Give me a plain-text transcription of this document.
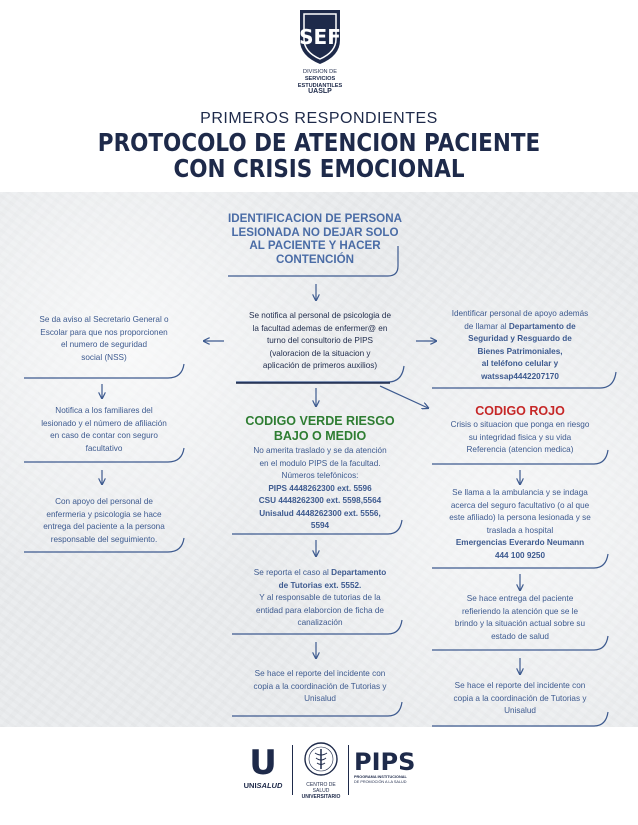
SEF
DIVISION DE
SERVICIOS
ESTUDIANTILES
UASLP
PRIMEROS RESPONDIENTES
PROTOCOLO DE ATENCION PACIENTE
CON CRISIS EMOCIONAL
IDENTIFICACION DE PERSONA
LESIONADA NO DEJAR SOLO
AL PACIENTE Y HACER
CONTENCIÓN
Se notifica al personal de psicologia de
la facultad ademas de enfermer@ en
turno del consultorio de PIPS
(valoracion de la situacion y
aplicación de primeros auxilios)
Se da aviso al Secretario General o
Escolar para que nos proporcionen
el numero de seguridad
social (NSS)
Notifica a los familiares del
lesionado y el número de afiliación
en caso de contar con seguro
facultativo
Con apoyo del personal de
enfermeria y psicologia se hace
entrega del paciente a la persona
responsable del seguimiento.
Identificar personal de apoyo además
de llamar al Departamento de
Seguridad y Resguardo de
Bienes Patrimoniales,
al teléfono celular y
watssap4442207170
CODIGO VERDE RIESGO
BAJO O MEDIO
No amerita traslado y se da atención
en el modulo PIPS de la facultad.
Números telefónicos:
PIPS 4448262300 ext. 5596
CSU 4448262300 ext. 5598,5564
Unisalud 4448262300 ext. 5556,
5594
Se reporta el caso al Departamento
de Tutorias ext. 5552.
Y al responsable de tutorias de la
entidad para elaborcion de ficha de
canalización
Se hace el reporte del incidente con
copia a la coordinación de Tutorias y
Unisalud
CODIGO ROJO
Crisis o situacion que ponga en riesgo
su integridad fisica y su vida
Referencia (atencion medica)
Se llama a la ambulancia y se indaga
acerca del seguro facultativo (o al que
este afiliado) la persona lesionada y se
traslada a hospital
Emergencias Everardo Neumann
444 100 9250
Se hace entrega del paciente
refieriendo la atención que se le
brindo y la situación actual sobre su
estado de salud
Se hace el reporte del incidente con
copia a la coordinación de Tutorias y
Unisalud
U
UNISALUD	CENTRO DE SALUD
UNIVERSITARIO
PIPS
PROGRAMA INSTITUCIONAL
DE PROMOCIÓN A LA SALUD
